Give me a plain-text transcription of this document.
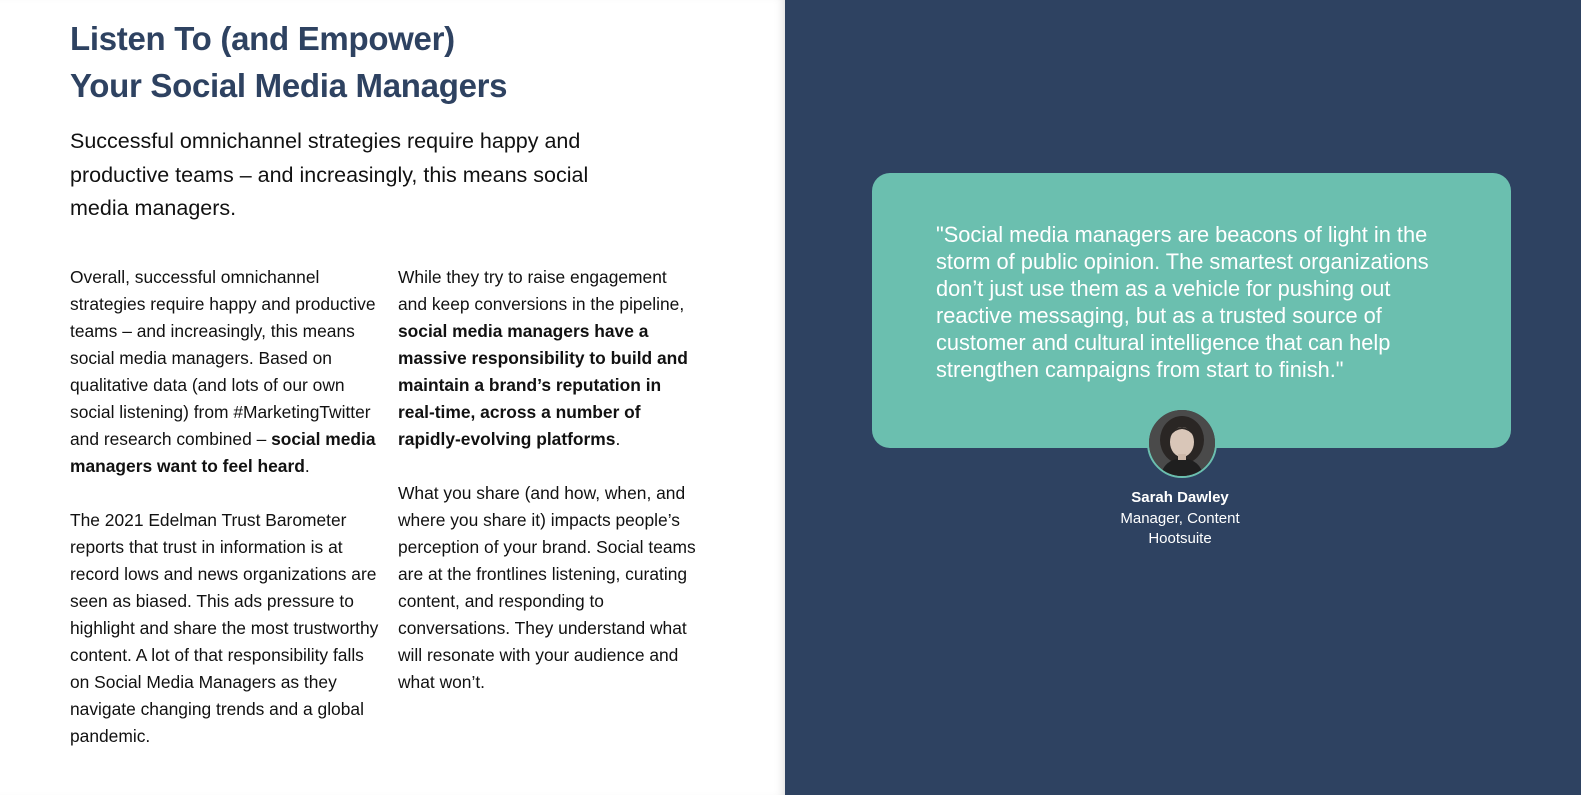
Listen To (and Empower)
Your Social Media Managers

Successful omnichannel strategies require happy and productive teams – and increasingly, this means social media managers.

Overall, successful omnichannel strategies require happy and productive teams – and increasingly, this means social media managers. Based on qualitative data (and lots of our own social listening) from #MarketingTwitter and research combined – social media managers want to feel heard.

The 2021 Edelman Trust Barometer reports that trust in information is at record lows and news organizations are seen as biased. This ads pressure to highlight and share the most trustworthy content. A lot of that responsibility falls on Social Media Managers as they navigate changing trends and a global pandemic.

While they try to raise engagement and keep conversions in the pipeline, social media managers have a massive responsibility to build and maintain a brand’s reputation in real-time, across a number of rapidly-evolving platforms.

What you share (and how, when, and where you share it) impacts people’s perception of your brand. Social teams are at the frontlines listening, curating content, and responding to conversations. They understand what will resonate with your audience and what won’t.

"Social media managers are beacons of light in the storm of public opinion. The smartest organizations don’t just use them as a vehicle for pushing out reactive messaging, but as a trusted source of customer and cultural intelligence that can help strengthen campaigns from start to finish."

Sarah Dawley
Manager, Content
Hootsuite
